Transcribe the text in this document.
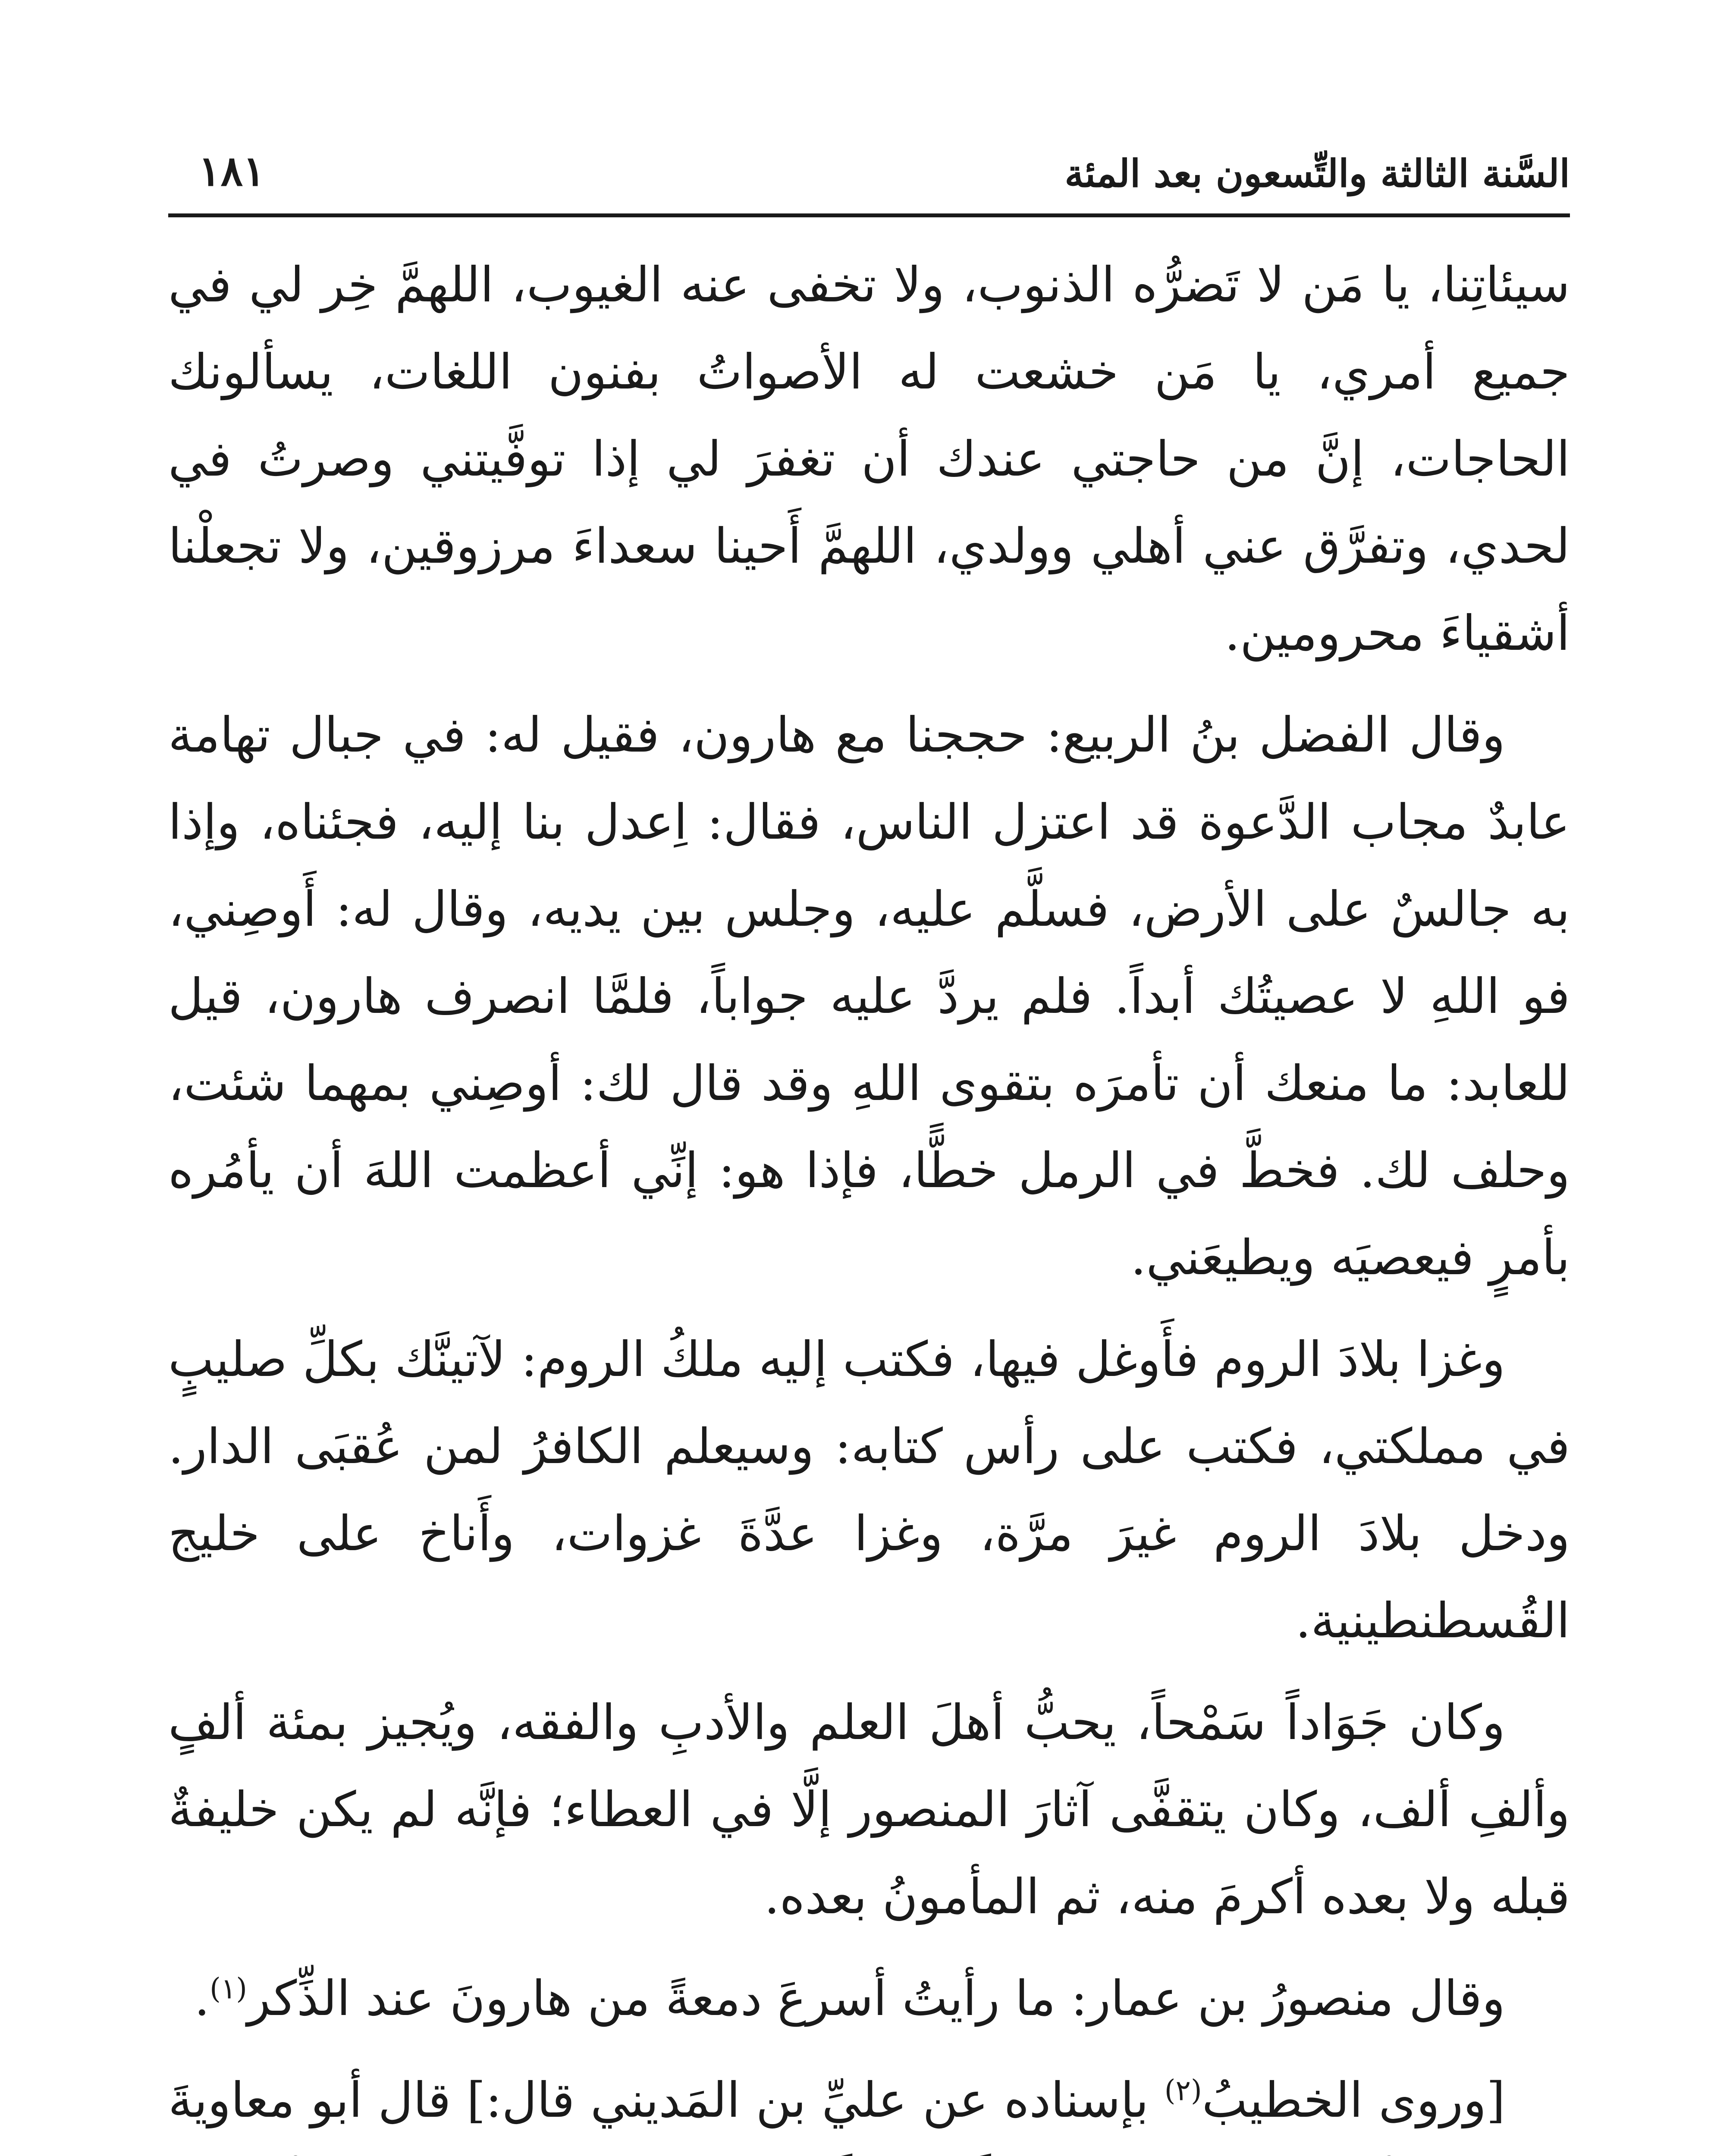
السَّنة الثالثة والتِّسعون بعد المئة
١٨١

سيئاتِنا، يا مَن لا تَضرُّه الذنوب، ولا تخفى عنه الغيوب، اللهمَّ خِر لي في جميع أمري، يا مَن خشعت له الأصواتُ بفنون اللغات، يسألونك الحاجات، إنَّ من حاجتي عندك أن تغفرَ لي إذا توفَّيتني وصرتُ في لحدي، وتفرَّق عني أهلي وولدي، اللهمَّ أَحينا سعداءَ مرزوقين، ولا تجعلْنا أشقياءَ محرومين.

وقال الفضل بنُ الربيع: حججنا مع هارون، فقيل له: في جبال تهامة عابدٌ مجاب الدَّعوة قد اعتزل الناس، فقال: اِعدل بنا إليه، فجئناه، وإذا به جالسٌ على الأرض، فسلَّم عليه، وجلس بين يديه، وقال له: أَوصِني، فو اللهِ لا عصيتُك أبداً. فلم يردَّ عليه جواباً، فلمَّا انصرف هارون، قيل للعابد: ما منعك أن تأمرَه بتقوى اللهِ وقد قال لك: أوصِني بمهما شئت، وحلف لك. فخطَّ في الرمل خطًّا، فإذا هو: إنِّي أعظمت اللهَ أن يأمُره بأمرٍ فيعصيَه ويطيعَني.

وغزا بلادَ الروم فأَوغل فيها، فكتب إليه ملكُ الروم: لآتينَّك بكلِّ صليبٍ في مملكتي، فكتب على رأس كتابه: وسيعلم الكافرُ لمن عُقبَى الدار. ودخل بلادَ الروم غيرَ مرَّة، وغزا عدَّةَ غزوات، وأَناخ على خليج القُسطنطينية.

وكان جَوَاداً سَمْحاً، يحبُّ أهلَ العلم والأدبِ والفقه، ويُجيز بمئة ألفٍ وألفِ ألف، وكان يتقفَّى آثارَ المنصور إلَّا في العطاء؛ فإنَّه لم يكن خليفةٌ قبله ولا بعده أكرمَ منه، ثم المأمونُ بعده.

وقال منصورُ بن عمار: ما رأيتُ أسرعَ دمعةً من هارونَ عند الذِّكر$^{(١)}$.

[وروى الخطيبُ$^{(٢)}$ بإسناده عن عليِّ بن المَديني قال:] قال أبو معاويةَ
